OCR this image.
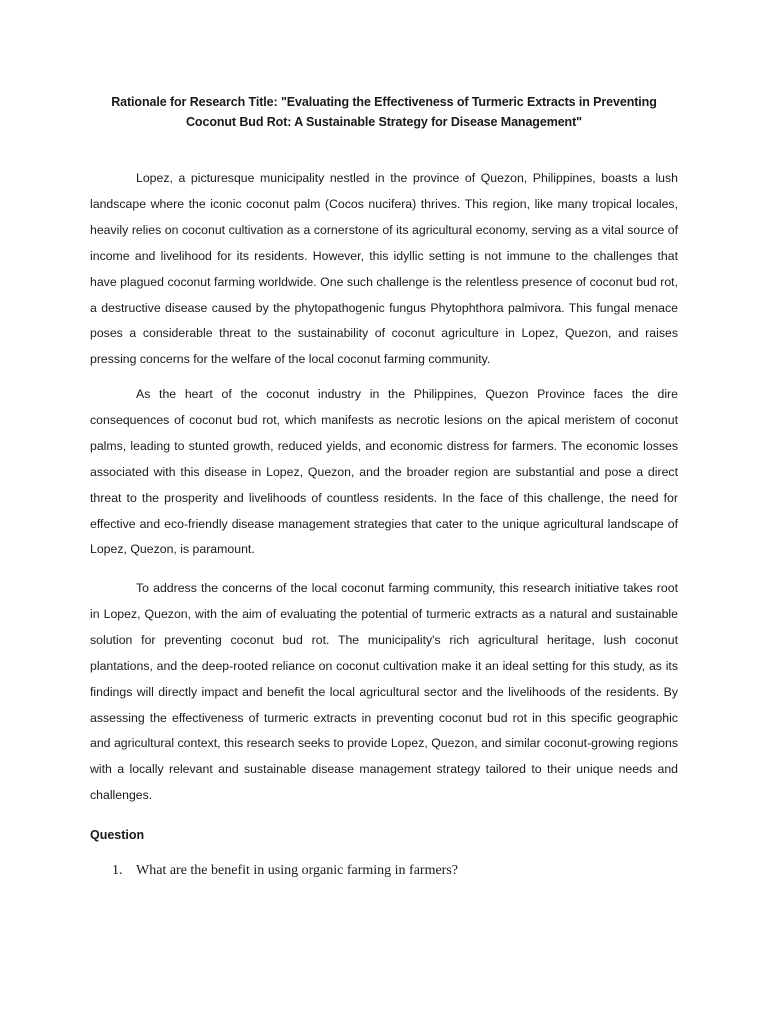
Rationale for Research Title: "Evaluating the Effectiveness of Turmeric Extracts in Preventing Coconut Bud Rot: A Sustainable Strategy for Disease Management"

Lopez, a picturesque municipality nestled in the province of Quezon, Philippines, boasts a lush landscape where the iconic coconut palm (Cocos nucifera) thrives. This region, like many tropical locales, heavily relies on coconut cultivation as a cornerstone of its agricultural economy, serving as a vital source of income and livelihood for its residents. However, this idyllic setting is not immune to the challenges that have plagued coconut farming worldwide. One such challenge is the relentless presence of coconut bud rot, a destructive disease caused by the phytopathogenic fungus Phytophthora palmivora. This fungal menace poses a considerable threat to the sustainability of coconut agriculture in Lopez, Quezon, and raises pressing concerns for the welfare of the local coconut farming community.

As the heart of the coconut industry in the Philippines, Quezon Province faces the dire consequences of coconut bud rot, which manifests as necrotic lesions on the apical meristem of coconut palms, leading to stunted growth, reduced yields, and economic distress for farmers. The economic losses associated with this disease in Lopez, Quezon, and the broader region are substantial and pose a direct threat to the prosperity and livelihoods of countless residents. In the face of this challenge, the need for effective and eco-friendly disease management strategies that cater to the unique agricultural landscape of Lopez, Quezon, is paramount.

To address the concerns of the local coconut farming community, this research initiative takes root in Lopez, Quezon, with the aim of evaluating the potential of turmeric extracts as a natural and sustainable solution for preventing coconut bud rot. The municipality's rich agricultural heritage, lush coconut plantations, and the deep-rooted reliance on coconut cultivation make it an ideal setting for this study, as its findings will directly impact and benefit the local agricultural sector and the livelihoods of the residents. By assessing the effectiveness of turmeric extracts in preventing coconut bud rot in this specific geographic and agricultural context, this research seeks to provide Lopez, Quezon, and similar coconut-growing regions with a locally relevant and sustainable disease management strategy tailored to their unique needs and challenges.

Question
1. What are the benefit in using organic farming in farmers?
